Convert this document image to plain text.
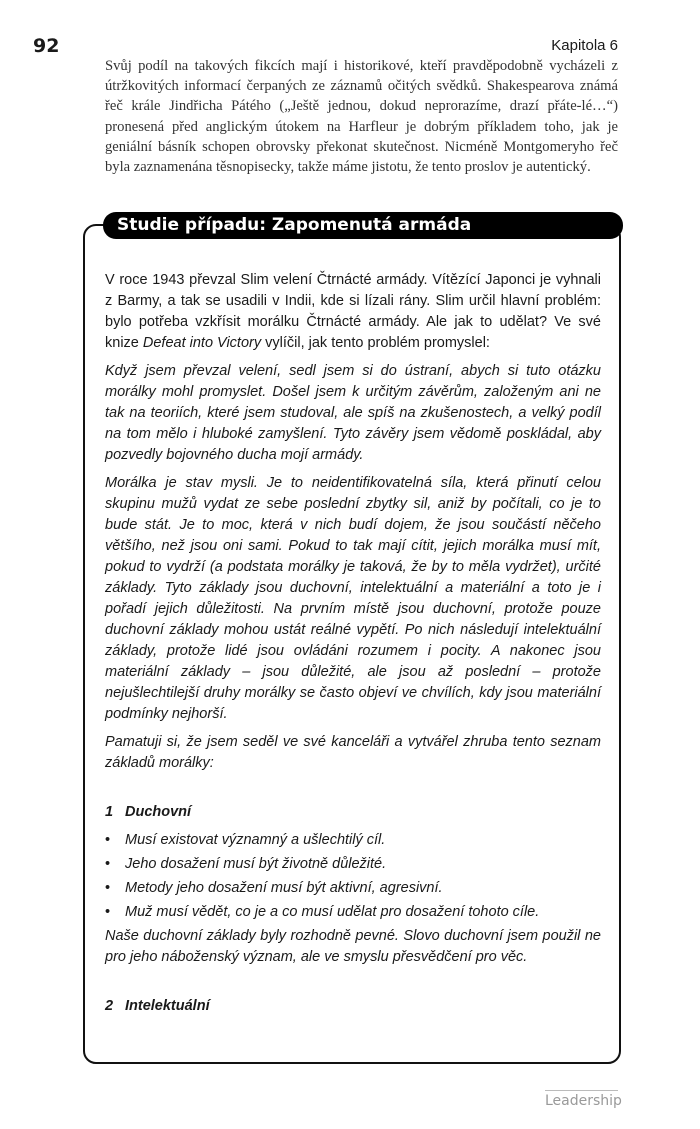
92	Kapitola 6

Svůj podíl na takových fikcích mají i historikové, kteří pravděpodobně vycházeli z útržkovitých informací čerpaných ze záznamů očitých svědků. Shakespearova známá řeč krále Jindřicha Pátého („Ještě jednou, dokud neprorazíme, drazí přáte-lé…“) pronesená před anglickým útokem na Harfleur je dobrým příkladem toho, jak je geniální básník schopen obrovsky překonat skutečnost. Nicméně Montgomeryho řeč byla zaznamenána těsnopisecky, takže máme jistotu, že tento proslov je autentický.

Studie případu: Zapomenutá armáda

V roce 1943 převzal Slim velení Čtrnácté armády. Vítězící Japonci je vyhnali z Barmy, a tak se usadili v Indii, kde si lízali rány. Slim určil hlavní problém: bylo potřeba vzkřísit morálku Čtrnácté armády. Ale jak to udělat? Ve své knize Defeat into Victory vylíčil, jak tento problém promyslel:

Když jsem převzal velení, sedl jsem si do ústraní, abych si tuto otázku morálky mohl promyslet. Došel jsem k určitým závěrům, založeným ani ne tak na teoriích, které jsem studoval, ale spíš na zkušenostech, a velký podíl na tom mělo i hluboké zamyšlení. Tyto závěry jsem vědomě poskládal, aby pozvedly bojovného ducha mojí armády.

Morálka je stav mysli. Je to neidentifikovatelná síla, která přinutí celou skupinu mužů vydat ze sebe poslední zbytky sil, aniž by počítali, co je to bude stát. Je to moc, která v nich budí dojem, že jsou součástí něčeho většího, než jsou oni sami. Pokud to tak mají cítit, jejich morálka musí mít, pokud to vydrží (a podstata morálky je taková, že by to měla vydržet), určité základy. Tyto základy jsou duchovní, intelektuální a materiální a toto je i pořadí jejich důležitosti. Na prvním místě jsou duchovní, protože pouze duchovní základy mohou ustát reálné vypětí. Po nich následují intelektuální základy, protože lidé jsou ovládáni rozumem i pocity. A nakonec jsou materiální základy – jsou důležité, ale jsou až poslední – protože nejušlechtilejší druhy morálky se často objeví ve chvílích, kdy jsou materiální podmínky nejhorší.

Pamatuji si, že jsem seděl ve své kanceláři a vytvářel zhruba tento seznam základů morálky:

1 Duchovní

• Musí existovat významný a ušlechtilý cíl.
• Jeho dosažení musí být životně důležité.
• Metody jeho dosažení musí být aktivní, agresivní.
• Muž musí vědět, co je a co musí udělat pro dosažení tohoto cíle.

Naše duchovní základy byly rozhodně pevné. Slovo duchovní jsem použil ne pro jeho náboženský význam, ale ve smyslu přesvědčení pro věc.

2 Intelektuální

Leadership
